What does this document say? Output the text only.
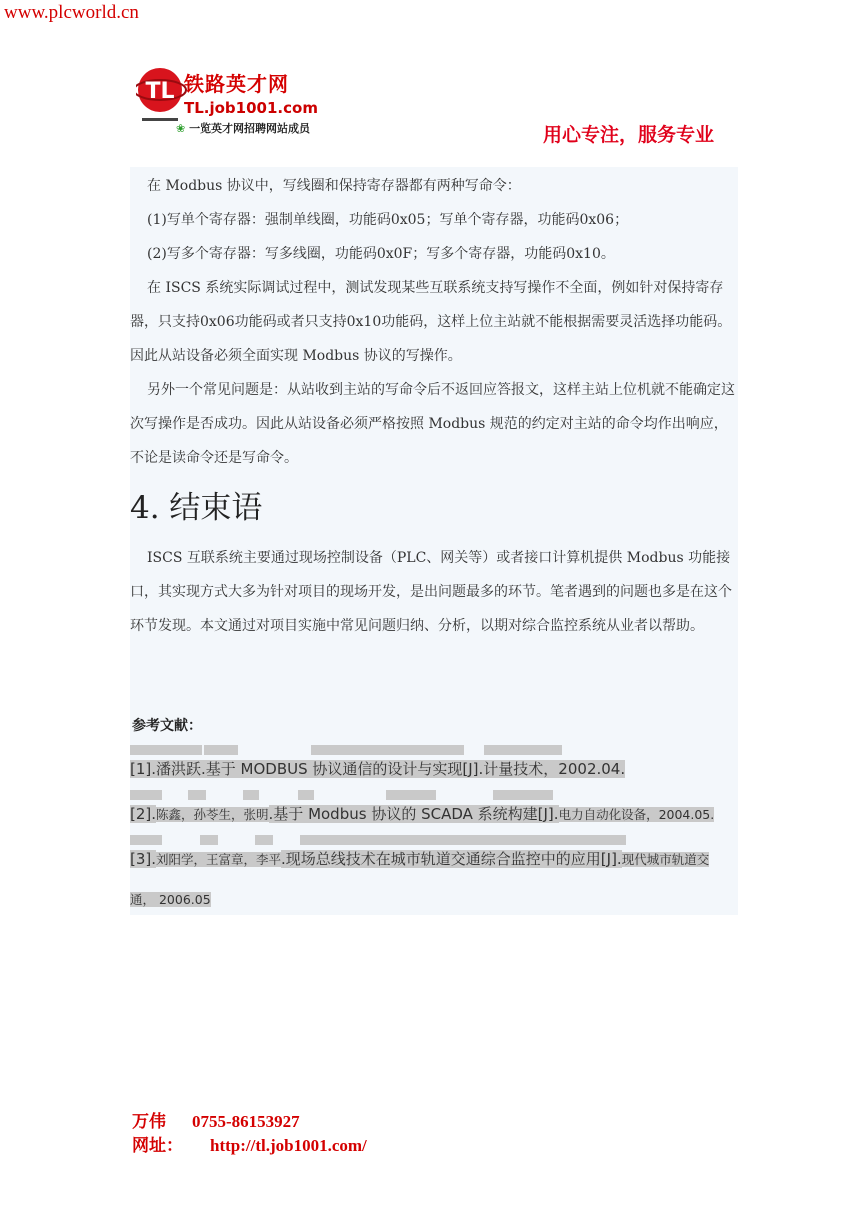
www.plcworld.cn
TL 铁路英才网
TL.job1001.com
❀ 一览英才网招聘网站成员	用心专注，服务专业

在 Modbus 协议中，写线圈和保持寄存器都有两种写命令：

(1)写单个寄存器：强制单线圈，功能码0x05；写单个寄存器，功能码0x06；

(2)写多个寄存器：写多线圈，功能码0x0F；写多个寄存器，功能码0x10。

在 ISCS 系统实际调试过程中，测试发现某些互联系统支持写操作不全面，例如针对保持寄存器，只支持0x06功能码或者只支持0x10功能码，这样上位主站就不能根据需要灵活选择功能码。因此从站设备必须全面实现 Modbus 协议的写操作。

另外一个常见问题是：从站收到主站的写命令后不返回应答报文，这样主站上位机就不能确定这次写操作是否成功。因此从站设备必须严格按照 Modbus 规范的约定对主站的命令均作出响应，不论是读命令还是写命令。

4. 结束语

ISCS 互联系统主要通过现场控制设备（PLC、网关等）或者接口计算机提供 Modbus 功能接口，其实现方式大多为针对项目的现场开发，是出问题最多的环节。笔者遇到的问题也多是在这个环节发现。本文通过对项目实施中常见问题归纳、分析，以期对综合监控系统从业者以帮助。

参考文献：
[1].潘洪跃.基于 MODBUS 协议通信的设计与实现[J].计量技术，2002.04.
[2].陈鑫，孙苓生，张明.基于 Modbus 协议的 SCADA 系统构建[J].电力自动化设备，2004.05.
[3].刘阳学，王富章，李平.现场总线技术在城市轨道交通综合监控中的应用[J].现代城市轨道交
通， 2006.05
万伟 0755-86153927
网址： http://tl.job1001.com/
